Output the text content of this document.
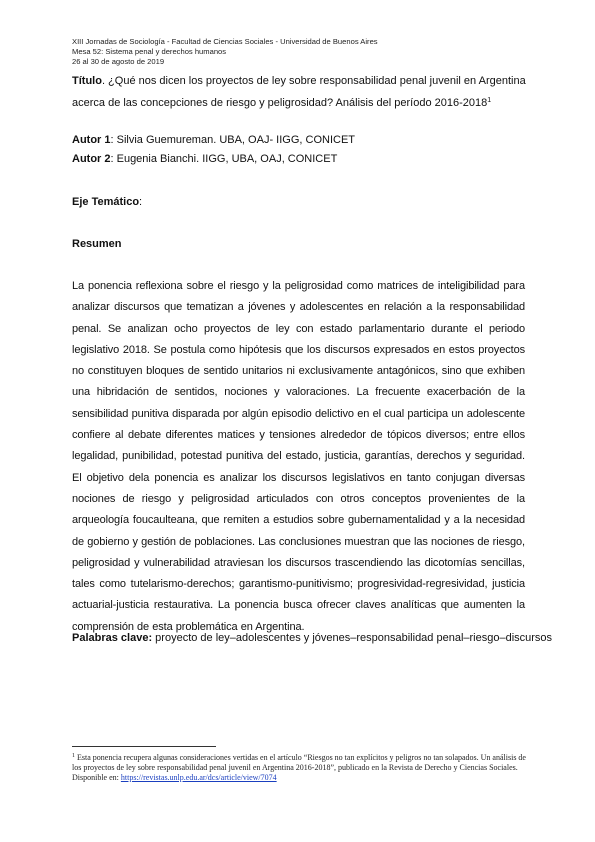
XIII Jornadas de Sociología - Facultad de Ciencias Sociales - Universidad de Buenos Aires
Mesa 52: Sistema penal y derechos humanos
26 al 30 de agosto de 2019
Título. ¿Qué nos dicen los proyectos de ley sobre responsabilidad penal juvenil en Argentina acerca de las concepciones de riesgo y peligrosidad? Análisis del período 2016-2018$^1$
Autor 1: Silvia Guemureman. UBA, OAJ- IIGG, CONICET
Autor 2: Eugenia Bianchi. IIGG, UBA, OAJ, CONICET
Eje Temático:
Resumen
La ponencia reflexiona sobre el riesgo y la peligrosidad como matrices de inteligibilidad para analizar discursos que tematizan a jóvenes y adolescentes en relación a la responsabilidad penal. Se analizan ocho proyectos de ley con estado parlamentario durante el periodo legislativo 2018. Se postula como hipótesis que los discursos expresados en estos proyectos no constituyen bloques de sentido unitarios ni exclusivamente antagónicos, sino que exhiben una hibridación de sentidos, nociones y valoraciones. La frecuente exacerbación de la sensibilidad punitiva disparada por algún episodio delictivo en el cual participa un adolescente confiere al debate diferentes matices y tensiones alrededor de tópicos diversos; entre ellos legalidad, punibilidad, potestad punitiva del estado, justicia, garantías, derechos y seguridad. El objetivo dela ponencia es analizar los discursos legislativos en tanto conjugan diversas nociones de riesgo y peligrosidad articulados con otros conceptos provenientes de la arqueología foucaulteana, que remiten a estudios sobre gubernamentalidad y a la necesidad de gobierno y gestión de poblaciones. Las conclusiones muestran que las nociones de riesgo, peligrosidad y vulnerabilidad atraviesan los discursos trascendiendo las dicotomías sencillas, tales como tutelarismo-derechos; garantismo-punitivismo; progresividad-regresividad, justicia actuarial-justicia restaurativa. La ponencia busca ofrecer claves analíticas que aumenten la comprensión de esta problemática en Argentina.
Palabras clave: proyecto de ley–adolescentes y jóvenes–responsabilidad penal–riesgo–discursos
$^1$ Esta ponencia recupera algunas consideraciones vertidas en el artículo “Riesgos no tan explícitos y peligros no tan solapados. Un análisis de los proyectos de ley sobre responsabilidad penal juvenil en Argentina 2016-2018”, publicado en la Revista de Derecho y Ciencias Sociales. Disponible en: https://revistas.unlp.edu.ar/dcs/article/view/7074
